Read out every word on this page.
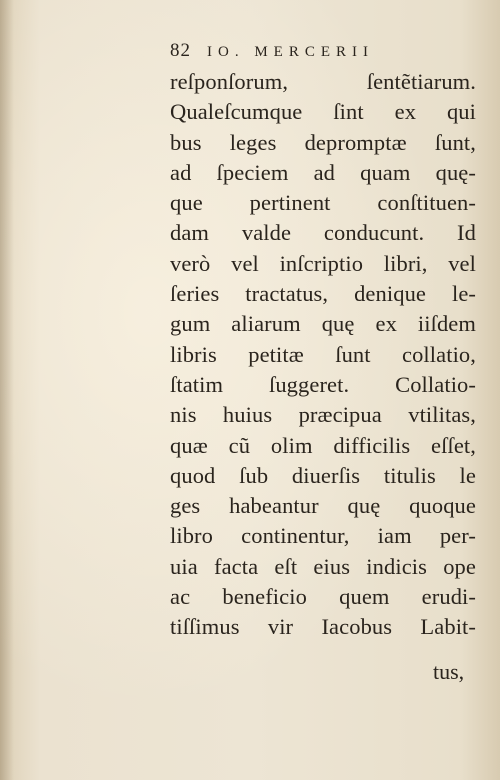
82 IO. MERCERII
reſponſorum, ſentẽtiarum.
Qualeſcumque ſint ex qui
bus leges depromptæ ſunt,
ad ſpeciem ad quam quę-
que pertinent conſtituen-
dam valde conducunt. Id
verò vel inſcriptio libri, vel
ſeries tractatus, denique le-
gum aliarum quę ex iiſdem
libris petitæ ſunt collatio,
ſtatim ſuggeret. Collatio-
nis huius præcipua vtilitas,
quæ cũ olim difficilis eſſet,
quod ſub diuerſis titulis le
ges habeantur quę quoque
libro continentur, iam per-
uia facta eſt eius indicis ope
ac beneficio quem erudi-
tiſſimus vir Iacobus Labit-
tus,
